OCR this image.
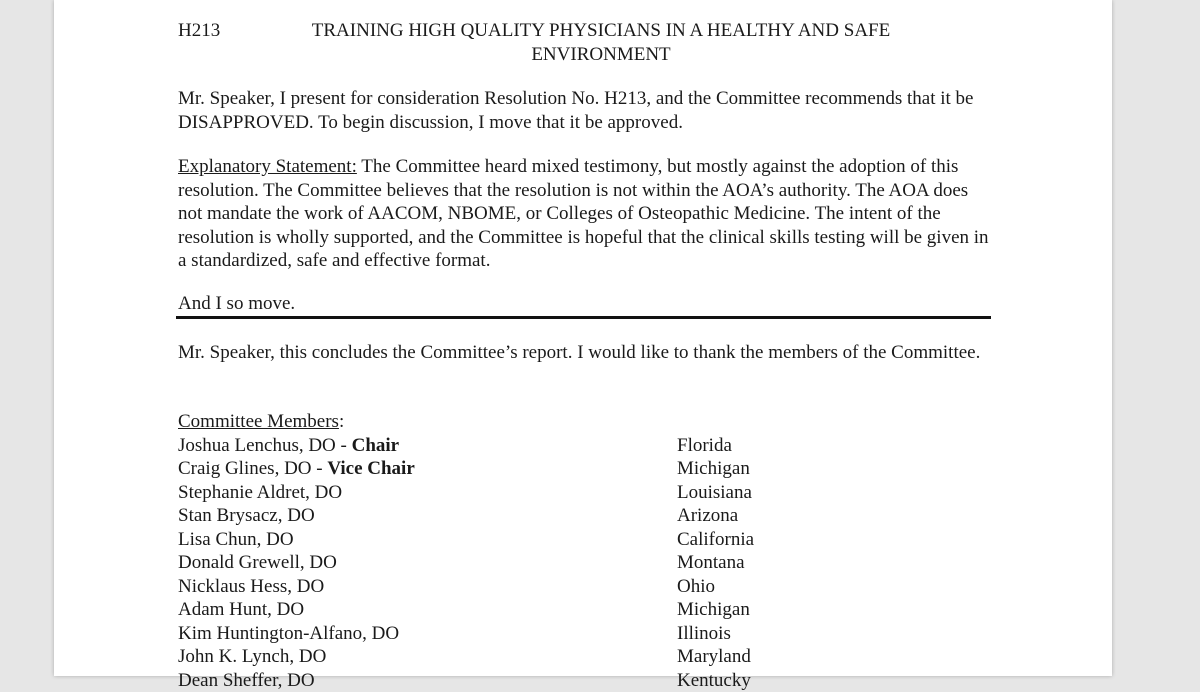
H213	TRAINING HIGH QUALITY PHYSICIANS IN A HEALTHY AND SAFE ENVIRONMENT

Mr. Speaker, I present for consideration Resolution No. H213, and the Committee recommends that it be DISAPPROVED. To begin discussion, I move that it be approved.

Explanatory Statement: The Committee heard mixed testimony, but mostly against the adoption of this resolution. The Committee believes that the resolution is not within the AOA’s authority. The AOA does not mandate the work of AACOM, NBOME, or Colleges of Osteopathic Medicine. The intent of the resolution is wholly supported, and the Committee is hopeful that the clinical skills testing will be given in a standardized, safe and effective format.

And I so move.

Mr. Speaker, this concludes the Committee’s report. I would like to thank the members of the Committee.

Committee Members:

Joshua Lenchus, DO - Chair	Florida
Craig Glines, DO - Vice Chair	Michigan
Stephanie Aldret, DO	Louisiana
Stan Brysacz, DO	Arizona
Lisa Chun, DO	California
Donald Grewell, DO	Montana
Nicklaus Hess, DO	Ohio
Adam Hunt, DO	Michigan
Kim Huntington-Alfano, DO	Illinois
John K. Lynch, DO	Maryland
Dean Sheffer, DO	Kentucky
